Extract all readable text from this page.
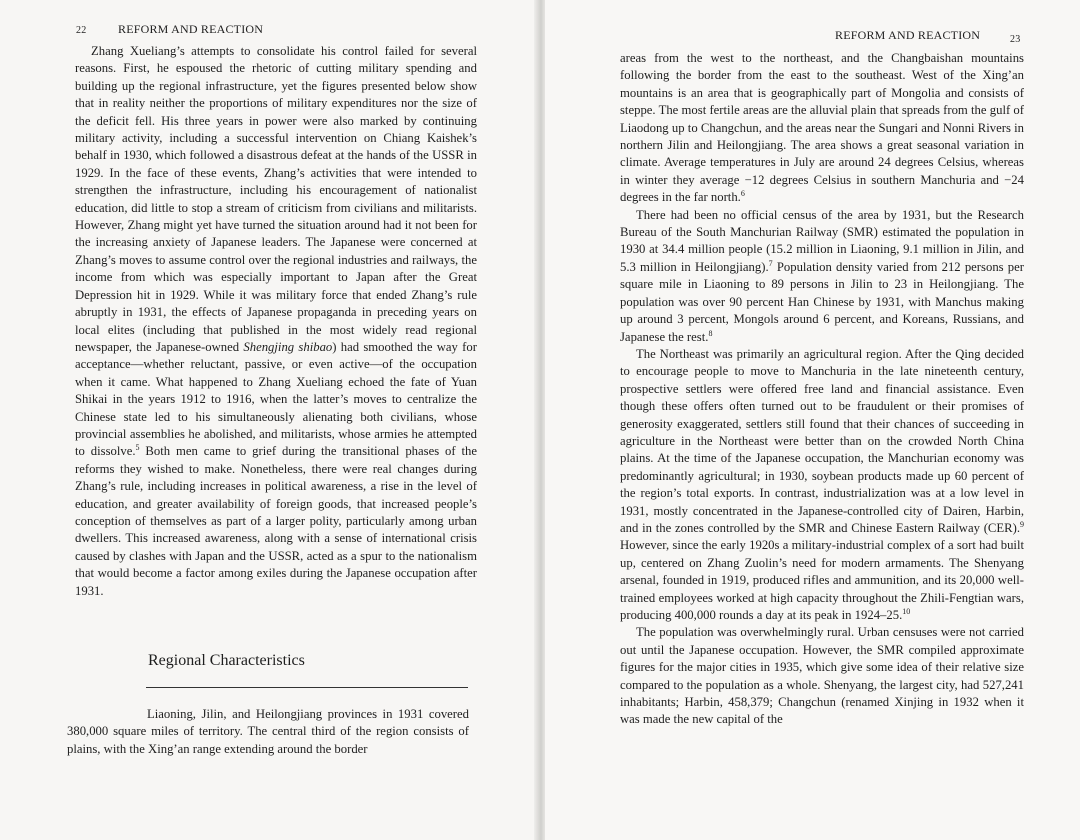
22	REFORM AND REACTION

Zhang Xueliang’s attempts to consolidate his control failed for several reasons. First, he espoused the rhetoric of cutting military spending and building up the regional infrastructure, yet the figures presented below show that in reality neither the proportions of military expenditures nor the size of the deficit fell. His three years in power were also marked by continuing military activity, including a successful intervention on Chiang Kaishek’s behalf in 1930, which followed a disastrous defeat at the hands of the USSR in 1929. In the face of these events, Zhang’s activities that were intended to strengthen the infrastructure, including his encouragement of nationalist education, did little to stop a stream of criticism from civilians and militarists. However, Zhang might yet have turned the situation around had it not been for the increasing anxiety of Japanese leaders. The Japanese were concerned at Zhang’s moves to assume control over the regional industries and railways, the income from which was especially important to Japan after the Great Depression hit in 1929. While it was military force that ended Zhang’s rule abruptly in 1931, the effects of Japanese propaganda in preceding years on local elites (including that published in the most widely read regional newspaper, the Japanese-owned Shengjing shibao) had smoothed the way for acceptance—whether reluctant, passive, or even active—of the occupation when it came. What happened to Zhang Xueliang echoed the fate of Yuan Shikai in the years 1912 to 1916, when the latter’s moves to centralize the Chinese state led to his simultaneously alienating both civilians, whose provincial assemblies he abolished, and militarists, whose armies he attempted to dissolve.$^5$ Both men came to grief during the transitional phases of the reforms they wished to make. Nonetheless, there were real changes during Zhang’s rule, including increases in political awareness, a rise in the level of education, and greater availability of foreign goods, that increased people’s conception of themselves as part of a larger polity, particularly among urban dwellers. This increased awareness, along with a sense of international crisis caused by clashes with Japan and the USSR, acted as a spur to the nationalism that would become a factor among exiles during the Japanese occupation after 1931.

Regional Characteristics

Liaoning, Jilin, and Heilongjiang provinces in 1931 covered 380,000 square miles of territory. The central third of the region consists of plains, with the Xing’an range extending around the border

REFORM AND REACTION	23

areas from the west to the northeast, and the Changbaishan mountains following the border from the east to the southeast. West of the Xing’an mountains is an area that is geographically part of Mongolia and consists of steppe. The most fertile areas are the alluvial plain that spreads from the gulf of Liaodong up to Changchun, and the areas near the Sungari and Nonni Rivers in northern Jilin and Heilongjiang. The area shows a great seasonal variation in climate. Average temperatures in July are around 24 degrees Celsius, whereas in winter they average −12 degrees Celsius in southern Manchuria and −24 degrees in the far north.$^6$

There had been no official census of the area by 1931, but the Research Bureau of the South Manchurian Railway (SMR) estimated the population in 1930 at 34.4 million people (15.2 million in Liaoning, 9.1 million in Jilin, and 5.3 million in Heilongjiang).$^7$ Population density varied from 212 persons per square mile in Liaoning to 89 persons in Jilin to 23 in Heilongjiang. The population was over 90 percent Han Chinese by 1931, with Manchus making up around 3 percent, Mongols around 6 percent, and Koreans, Russians, and Japanese the rest.$^8$

The Northeast was primarily an agricultural region. After the Qing decided to encourage people to move to Manchuria in the late nineteenth century, prospective settlers were offered free land and financial assistance. Even though these offers often turned out to be fraudulent or their promises of generosity exaggerated, settlers still found that their chances of succeeding in agriculture in the Northeast were better than on the crowded North China plains. At the time of the Japanese occupation, the Manchurian economy was predominantly agricultural; in 1930, soybean products made up 60 percent of the region’s total exports. In contrast, industrialization was at a low level in 1931, mostly concentrated in the Japanese-controlled city of Dairen, Harbin, and in the zones controlled by the SMR and Chinese Eastern Railway (CER).$^9$ However, since the early 1920s a military-industrial complex of a sort had built up, centered on Zhang Zuolin’s need for modern armaments. The Shenyang arsenal, founded in 1919, produced rifles and ammunition, and its 20,000 well-trained employees worked at high capacity throughout the Zhili-Fengtian wars, producing 400,000 rounds a day at its peak in 1924–25.10

The population was overwhelmingly rural. Urban censuses were not carried out until the Japanese occupation. However, the SMR compiled approximate figures for the major cities in 1935, which give some idea of their relative size compared to the population as a whole. Shenyang, the largest city, had 527,241 inhabitants; Harbin, 458,379; Changchun (renamed Xinjing in 1932 when it was made the new capital of the
